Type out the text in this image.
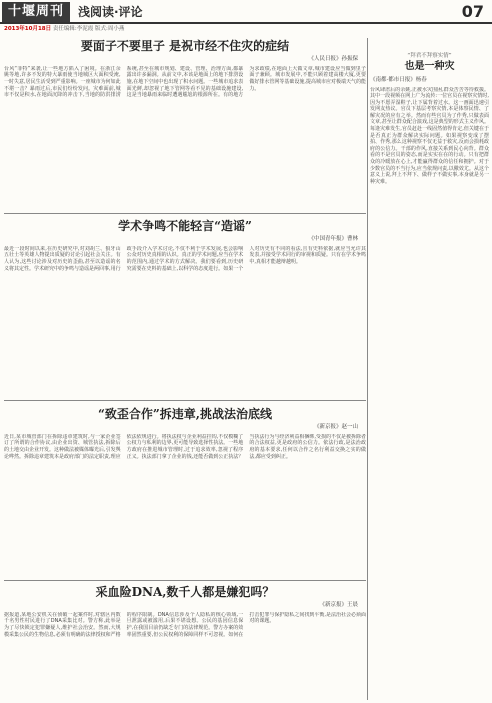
十堰周刊	浅阅读·评论	07
2013年10月18日 责任编辑:李泥霞 版式:周小燕
要面子不要里子 是祝市经不住灾的症结
《人民日报》孙振保
台风“菲特”来袭,让一些地方陷入了困境。在浙江余姚等地,许多不发的特大暴雨使当地城区大面积受淹,一时失意,居民生活受到严重影响。一座城市为何如此不堪一击？暴雨过后,市民们纷纷发问。灾难面前,城市不仅是积水,在地面沉降的冲击下,当地的防洪排涝系统,甚至在城市规划、建设、管理、治理方面,都暴露出许多漏洞。从前文中,本该是地面上的地下排涝设施,在地下空间中也出现了积水问题。一些城市追求表面光鲜,却忽视了地下管网等看不见的基础设施建设,这是当地暴雨来临时遭遇尴尬的根源所在。有的地方为求政绩,在地面上大做文章,城市建设应当做到里子面子兼顾。城市发展中,不能只顾着建高楼大厦,更要做好排水管网等基础设施,提高城市应对极端天气的能力。
学术争鸣不能轻言“造谣”
《中国青年报》曹林
最近一段时间以来,在历史研究中,对刘胡兰、狼牙山五壮士等英雄人物提出质疑的讨论引起社会关注。有人认为,这些讨论涉及对历史的歪曲,甚至以造谣的名义将其定性。学术研究中的争鸣与造谣是两回事,用行政手段介入学术讨论,不仅不利于学术发展,也会影响公众对历史真相的认识。真正的学术问题,应当在学术的范围内,通过学术的方式解决。我们要看到,历史研究需要在史料的基础上,以科学的态度进行。如果一个人对历史有不同的看法,且有史料依据,就应当允许其发表,并接受学术同行的审视和质疑。只有在学术争鸣中,真相才能越辩越明。
“致歪合作”拆违章,挑战法治底线
《新京报》赵一山
近日,某市城管部门在拆除违章建筑时,与一家企业签订了所谓的合作协议,由企业出资、城管执法,拆除后的土地交由企业开发。这种做法被媒体曝光后,引发舆论哗然。拆除违章建筑本是政府部门的法定职责,理应依法依规进行。将执法权与企业利益挂钩,不仅模糊了公权力与私利的边界,更可能导致选择性执法。一些地方政府在推进城市管理时,过于追求效率,忽视了程序正义。执法部门拿了企业的钱,还能否做到公正执法？当执法行为与经济利益相捆绑,受损的不仅是被拆除者的合法权益,更是政府的公信力。依法行政,是法治政府的基本要求,任何以合作之名行利益交换之实的做法,都应受到纠正。
采血险DNA,数千人都是嫌犯吗？
《新京报》王晨
据报道,某地公安机关在侦破一起案件时,对辖区内数千名男性村民进行了DNA采集比对。警方称,此举是为了尽快锁定犯罪嫌疑人,维护社会治安。然而,大规模采集公民的生物信息,必须有明确的法律授权和严格的程序限制。DNA信息涉及个人隐私的核心领域,一旦泄露或被滥用,后果不堪设想。公民的基因信息保护,在我国目前仍缺乏专门的法律规范。警方办案的效率固然重要,但公民权利的保障同样不可忽视。如何在打击犯罪与保护隐私之间找到平衡,是法治社会必须面对的课题。
“拜君不拜察实情”
也是一种灾
《南都·都市日报》杨春
台风肆虐后的余姚,正被水灾围困,群众苦苦等待救援。其中一段视频在网上广为流传:一位官员在视察灾情时,因为不愿弄湿鞋子,让下属背着过水。这一画面迅速引发网友热议。官员下基层考察灾情,本是体察民情、了解灾况的应有之举。然而有些官员为了作秀,只做表面文章,甚至让群众配合演戏,这是典型的形式主义作风。每逢灾难发生,官员赶赴一线固然值得肯定,但关键在于是否真正为群众解决实际问题。如果视察变成了摆拍、作秀,那么这种视察不仅无益于救灾,反而会损耗政府的公信力。干部的作风,直接关系到民心向背。群众看的不是官员的姿态,而是实实在在的行动。只有把群众的冷暖放在心上,才能赢得群众的信任和拥护。对于少数官员的不当行为,应当依规问责,以儆效尤。从这个意义上说,拜上不拜下、做样子不做实事,本身就是另一种灾难。
